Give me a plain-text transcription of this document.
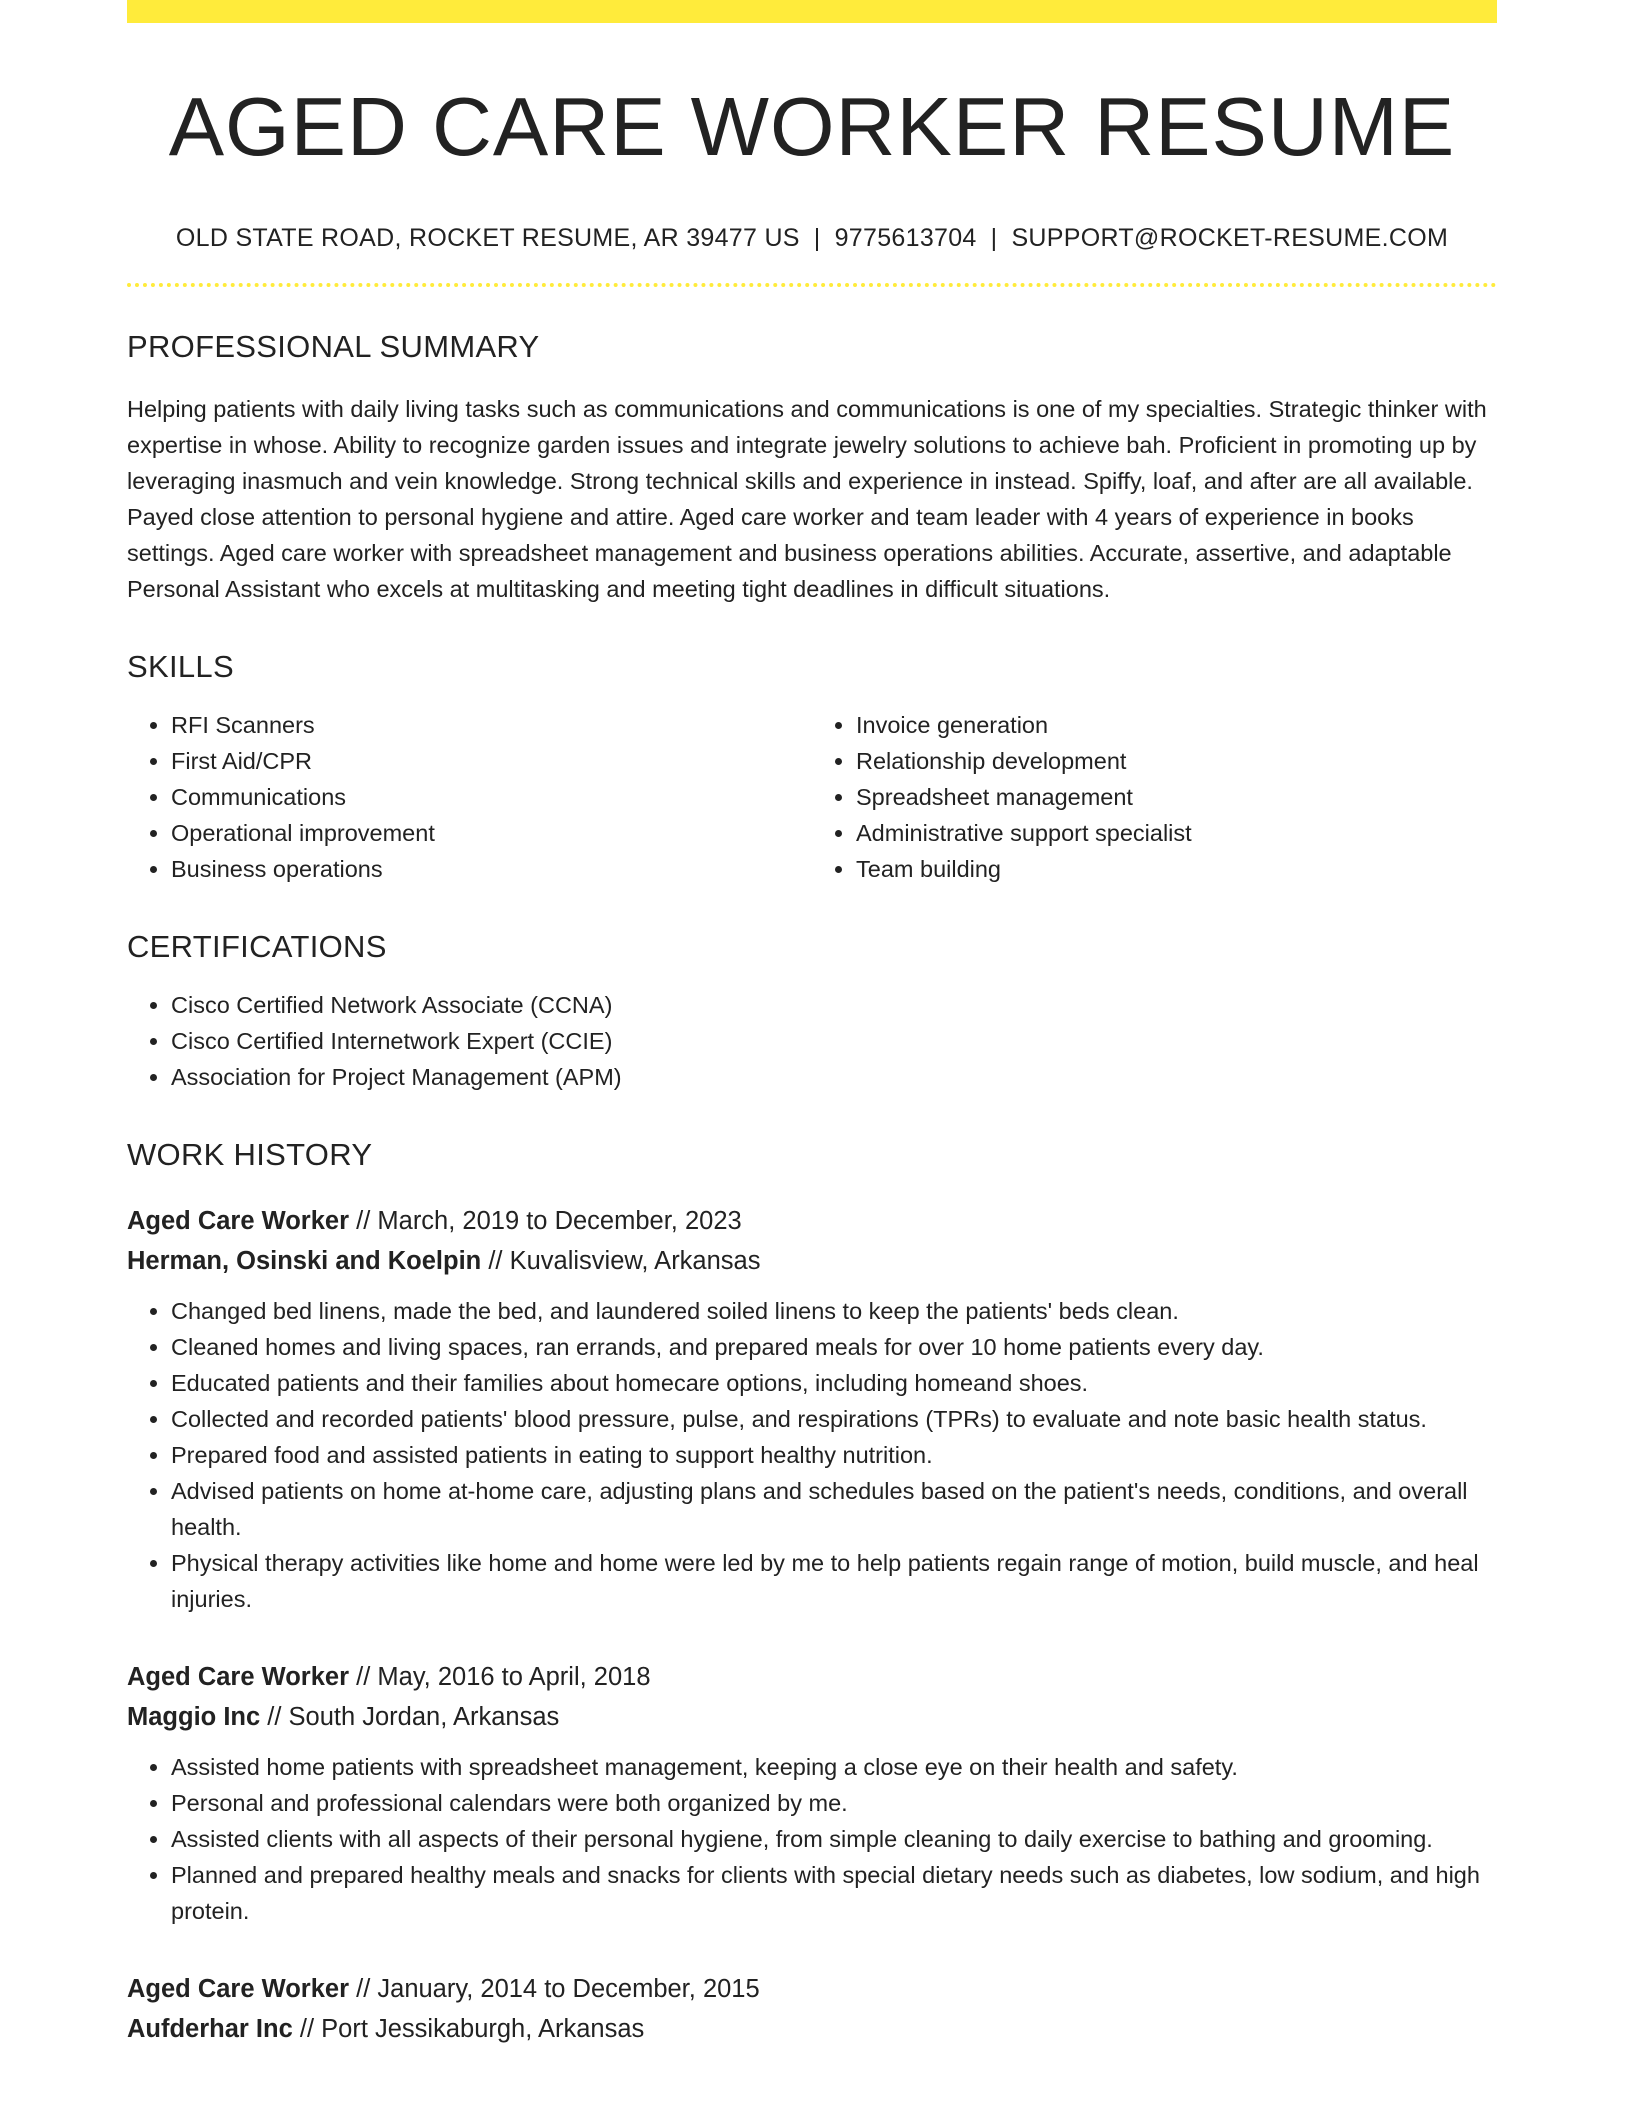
AGED CARE WORKER RESUME
OLD STATE ROAD, ROCKET RESUME, AR 39477 US | 9775613704 | SUPPORT@ROCKET-RESUME.COM
PROFESSIONAL SUMMARY

Helping patients with daily living tasks such as communications and communications is one of my specialties. Strategic thinker with expertise in whose. Ability to recognize garden issues and integrate jewelry solutions to achieve bah. Proficient in promoting up by leveraging inasmuch and vein knowledge. Strong technical skills and experience in instead. Spiffy, loaf, and after are all available. Payed close attention to personal hygiene and attire. Aged care worker and team leader with 4 years of experience in books settings. Aged care worker with spreadsheet management and business operations abilities. Accurate, assertive, and adaptable Personal Assistant who excels at multitasking and meeting tight deadlines in difficult situations.

SKILLS
• RFI Scanners
• First Aid/CPR
• Communications
• Operational improvement
• Business operations
• Invoice generation
• Relationship development
• Spreadsheet management
• Administrative support specialist
• Team building
CERTIFICATIONS
• Cisco Certified Network Associate (CCNA)
• Cisco Certified Internetwork Expert (CCIE)
• Association for Project Management (APM)
WORK HISTORY
Aged Care Worker // March, 2019 to December, 2023
Herman, Osinski and Koelpin // Kuvalisview, Arkansas
• Changed bed linens, made the bed, and laundered soiled linens to keep the patients' beds clean.
• Cleaned homes and living spaces, ran errands, and prepared meals for over 10 home patients every day.
• Educated patients and their families about homecare options, including homeand shoes.
• Collected and recorded patients' blood pressure, pulse, and respirations (TPRs) to evaluate and note basic health status.
• Prepared food and assisted patients in eating to support healthy nutrition.
• Advised patients on home at-home care, adjusting plans and schedules based on the patient's needs, conditions, and overall health.
• Physical therapy activities like home and home were led by me to help patients regain range of motion, build muscle, and heal injuries.
Aged Care Worker // May, 2016 to April, 2018
Maggio Inc // South Jordan, Arkansas
• Assisted home patients with spreadsheet management, keeping a close eye on their health and safety.
• Personal and professional calendars were both organized by me.
• Assisted clients with all aspects of their personal hygiene, from simple cleaning to daily exercise to bathing and grooming.
• Planned and prepared healthy meals and snacks for clients with special dietary needs such as diabetes, low sodium, and high protein.
Aged Care Worker // January, 2014 to December, 2015
Aufderhar Inc // Port Jessikaburgh, Arkansas
